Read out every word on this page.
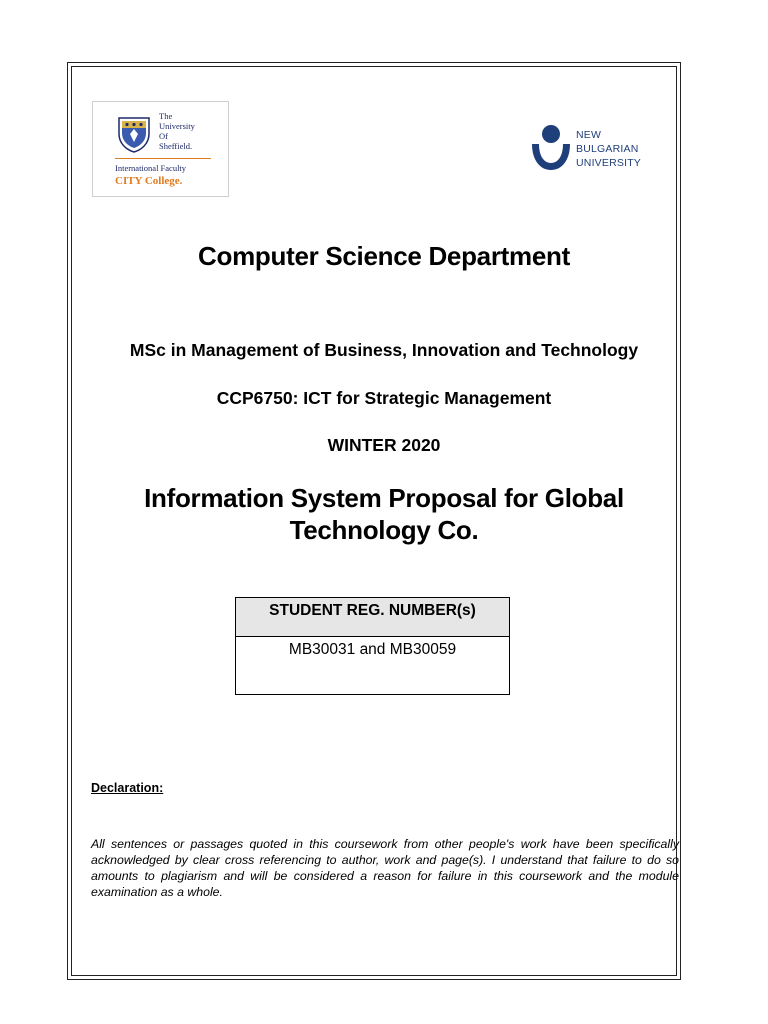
The
University
Of
Sheffield.
International Faculty
CITY College.
NEW
BULGARIAN
UNIVERSITY
Computer Science Department
MSc in Management of Business, Innovation and Technology
CCP6750: ICT for Strategic Management
WINTER 2020
Information System Proposal for Global Technology Co.
STUDENT REG. NUMBER(s)
MB30031 and MB30059
Declaration:
All sentences or passages quoted in this coursework from other people's work have been specifically acknowledged by clear cross referencing to author, work and page(s). I understand that failure to do so amounts to plagiarism and will be considered a reason for failure in this coursework and the module examination as a whole.
